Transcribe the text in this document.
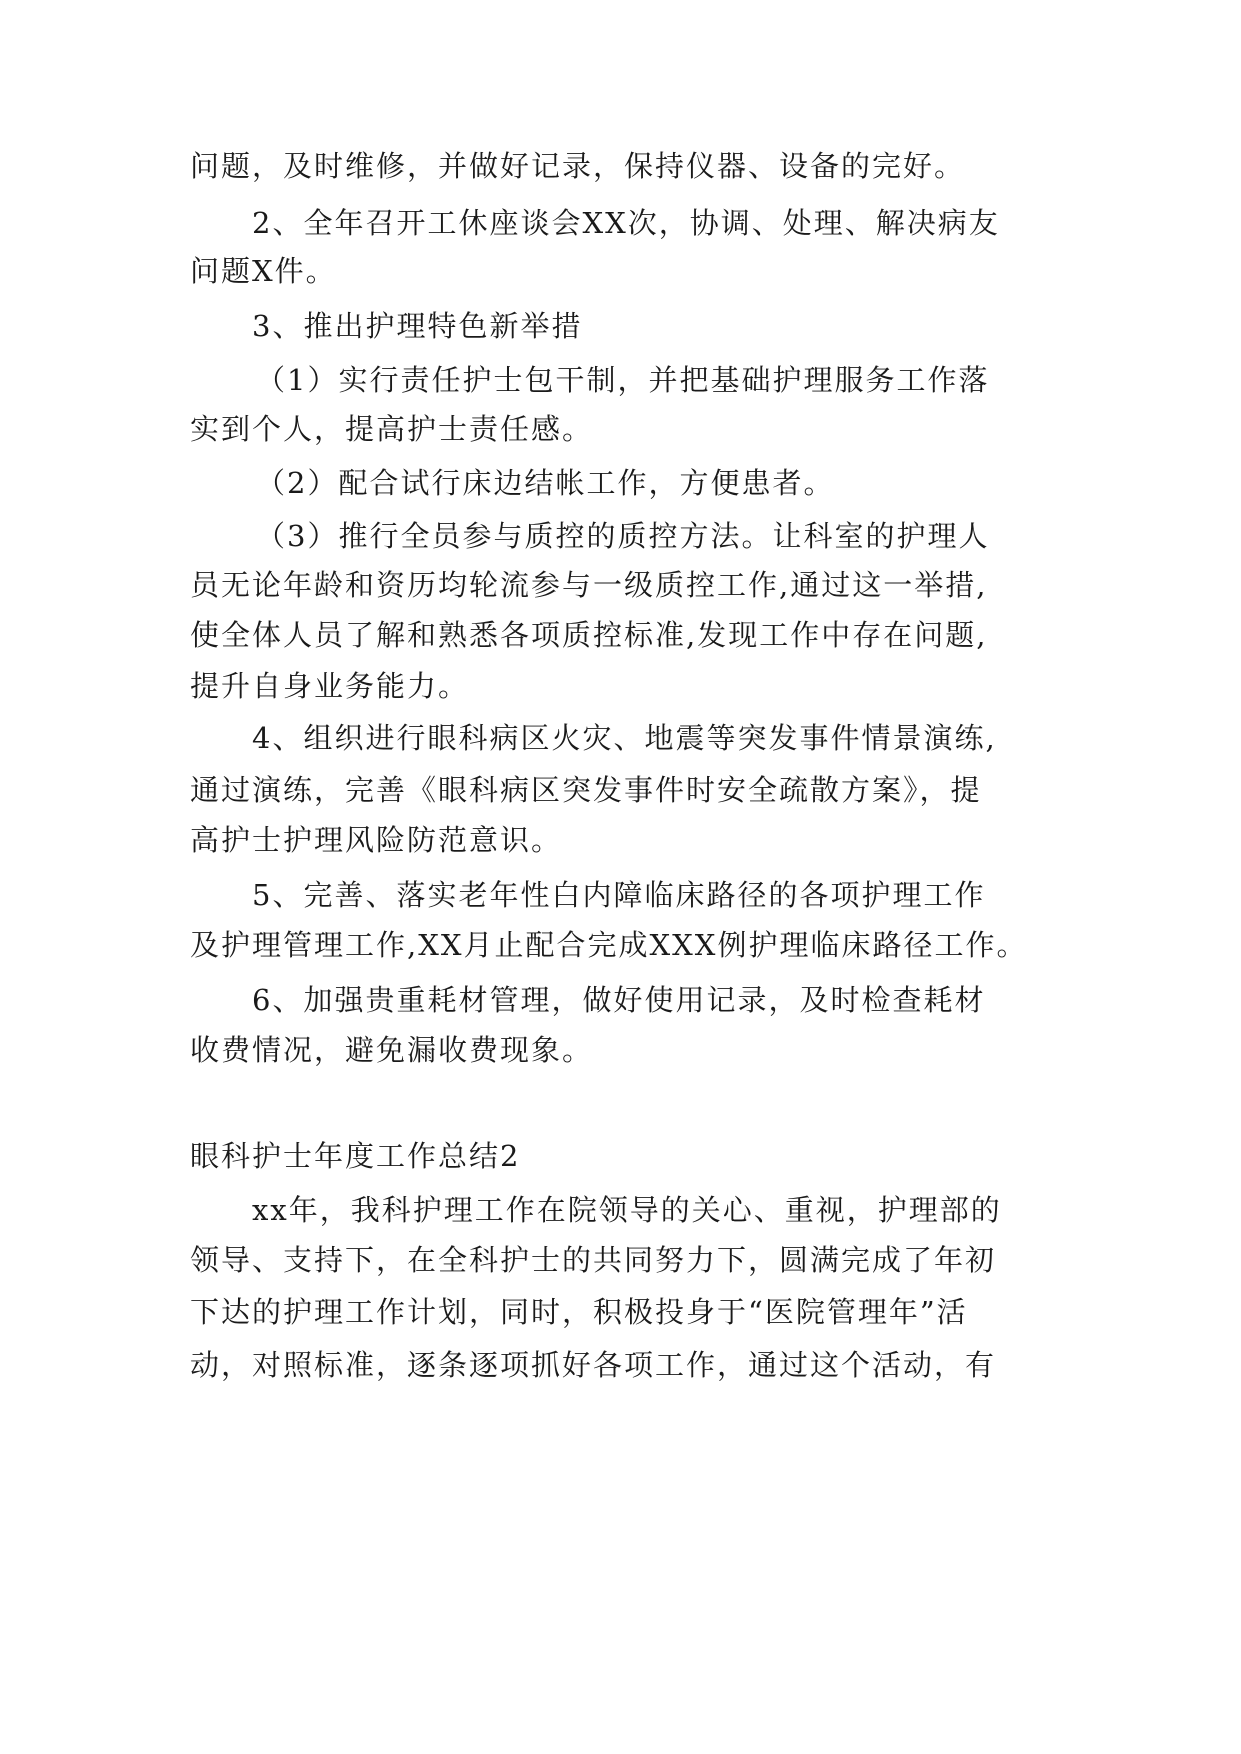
问题，及时维修，并做好记录，保持仪器、设备的完好。
2、全年召开工休座谈会XX次，协调、处理、解决病友
问题X件。
3、推出护理特色新举措
（1）实行责任护士包干制，并把基础护理服务工作落
实到个人，提高护士责任感。
（2）配合试行床边结帐工作，方便患者。
（3）推行全员参与质控的质控方法。让科室的护理人
员无论年龄和资历均轮流参与一级质控工作,通过这一举措,
使全体人员了解和熟悉各项质控标准,发现工作中存在问题,
提升自身业务能力。
4、组织进行眼科病区火灾、地震等突发事件情景演练,
通过演练，完善《眼科病区突发事件时安全疏散方案》，提
高护士护理风险防范意识。
5、完善、落实老年性白内障临床路径的各项护理工作
及护理管理工作,XX月止配合完成XXX例护理临床路径工作。
6、加强贵重耗材管理，做好使用记录，及时检查耗材
收费情况，避免漏收费现象。
眼科护士年度工作总结2
xx年，我科护理工作在院领导的关心、重视，护理部的
领导、支持下，在全科护士的共同努力下，圆满完成了年初
下达的护理工作计划，同时，积极投身于“医院管理年”活
动，对照标准，逐条逐项抓好各项工作，通过这个活动，有
